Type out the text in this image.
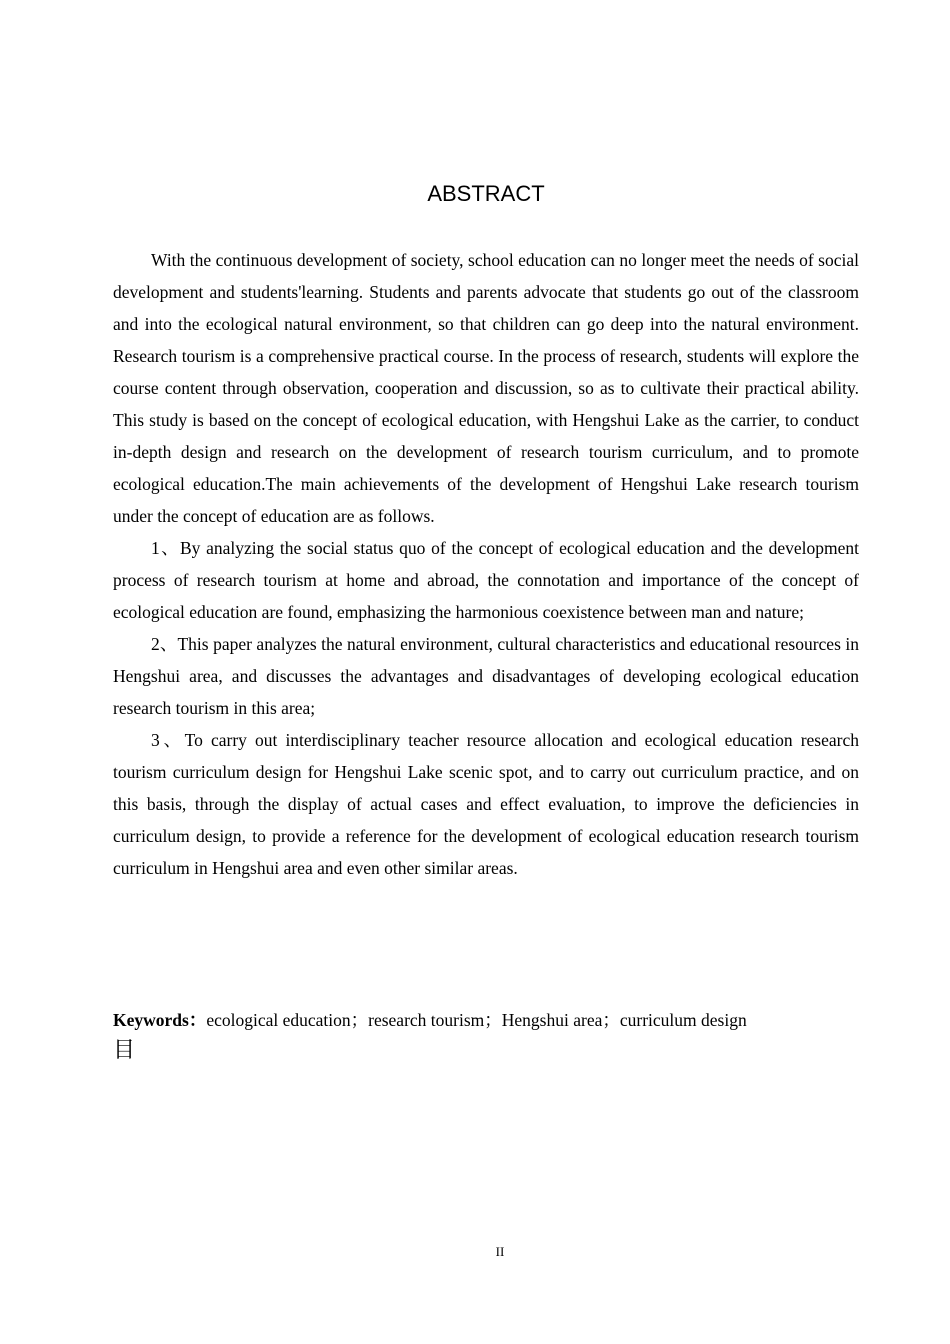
ABSTRACT

With the continuous development of society, school education can no longer meet the needs of social development and students'learning. Students and parents advocate that students go out of the classroom and into the ecological natural environment, so that children can go deep into the natural environment. Research tourism is a comprehensive practical course. In the process of research, students will explore the course content through observation, cooperation and discussion, so as to cultivate their practical ability. This study is based on the concept of ecological education, with Hengshui Lake as the carrier, to conduct in-depth design and research on the development of research tourism curriculum, and to promote ecological education.The main achievements of the development of Hengshui Lake research tourism under the concept of education are as follows.

1、By analyzing the social status quo of the concept of ecological education and the development process of research tourism at home and abroad, the connotation and importance of the concept of ecological education are found, emphasizing the harmonious coexistence between man and nature;

2、This paper analyzes the natural environment, cultural characteristics and educational resources in Hengshui area, and discusses the advantages and disadvantages of developing ecological education research tourism in this area;

3、To carry out interdisciplinary teacher resource allocation and ecological education research tourism curriculum design for Hengshui Lake scenic spot, and to carry out curriculum practice, and on this basis, through the display of actual cases and effect evaluation, to improve the deficiencies in curriculum design, to provide a reference for the development of ecological education research tourism curriculum in Hengshui area and even other similar areas.

Keywords：ecological education；research tourism；Hengshui area；curriculum design
目
II
